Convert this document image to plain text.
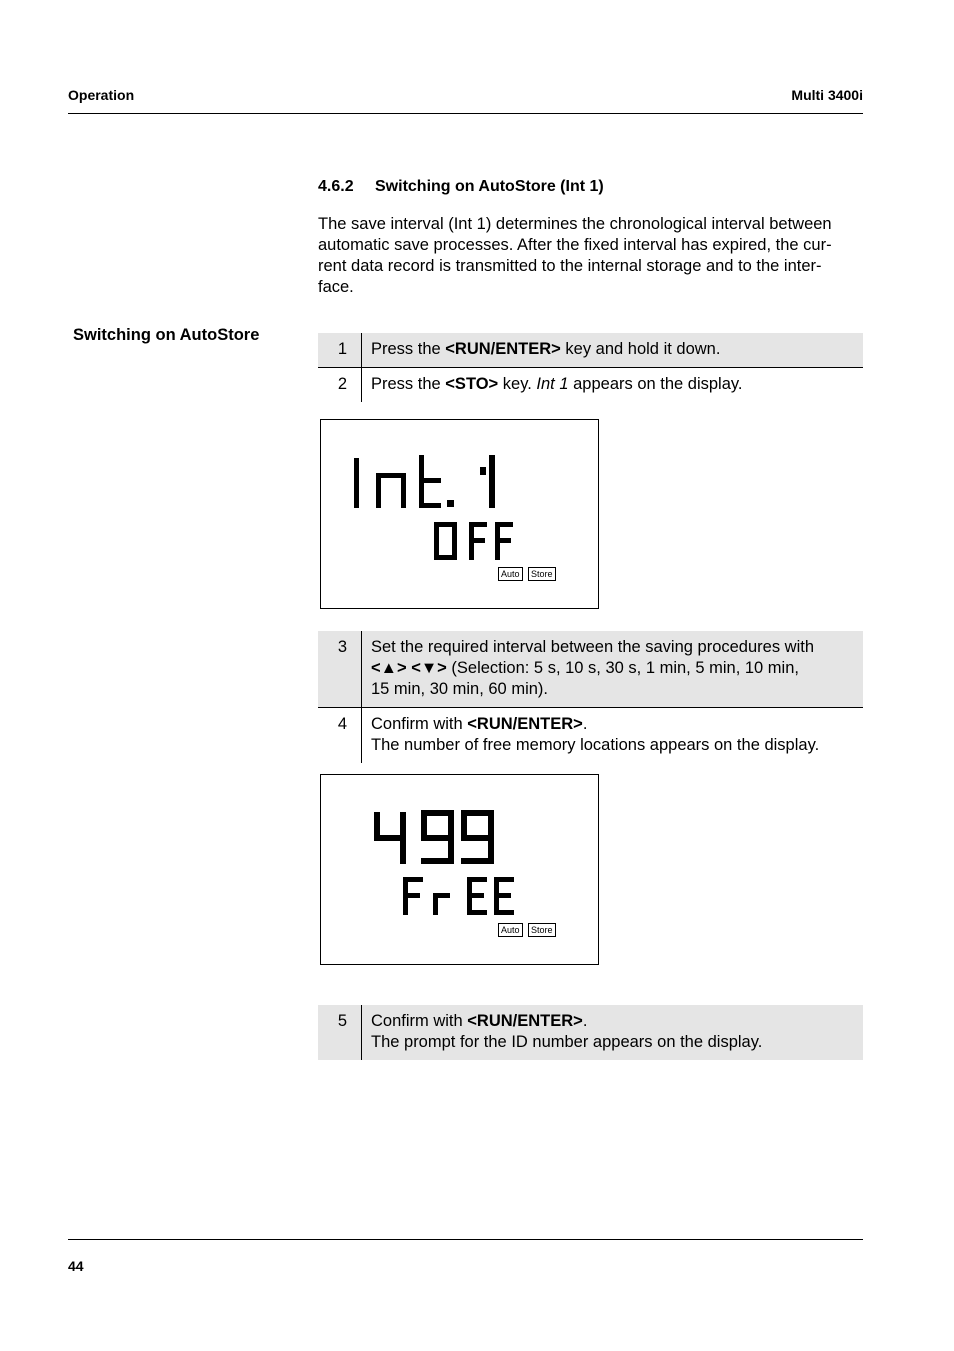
Operation	Multi 3400i
4.6.2 Switching on AutoStore (Int 1)
The save interval (Int 1) determines the chronological interval between
automatic save processes. After the fixed interval has expired, the cur-
rent data record is transmitted to the internal storage and to the inter-
face.
Switching on AutoStore
1	Press the <RUN/ENTER> key and hold it down.
2	Press the <STO> key. Int 1 appears on the display.
Auto	Store
3	Set the required interval between the saving procedures with
<▲> <▼> (Selection: 5 s, 10 s, 30 s, 1 min, 5 min, 10 min,
15 min, 30 min, 60 min).

4	Confirm with <RUN/ENTER>.
The number of free memory locations appears on the display.
Auto	Store
5	Confirm with <RUN/ENTER>.
The prompt for the ID number appears on the display.
44
